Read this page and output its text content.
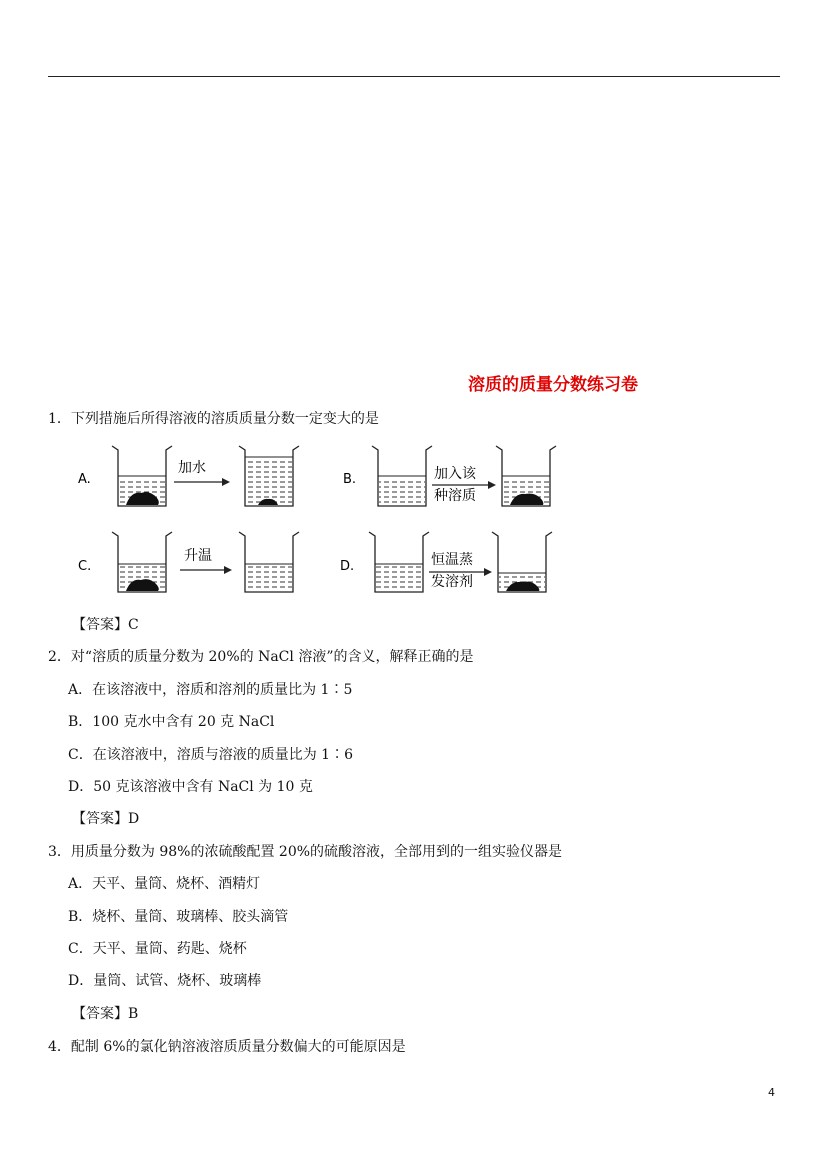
溶质的质量分数练习卷
1．下列措施后所得溶液的溶质质量分数一定变大的是
A.
加水
B.	加入该
种溶质
C.
升温
D.	恒温蒸
发溶剂
【答案】C
2．对“溶质的质量分数为 20%的 NaCl 溶液”的含义，解释正确的是
A．在该溶液中，溶质和溶剂的质量比为 1∶5
B．100 克水中含有 20 克 NaCl
C．在该溶液中，溶质与溶液的质量比为 1∶6
D．50 克该溶液中含有 NaCl 为 10 克
【答案】D
3．用质量分数为 98%的浓硫酸配置 20%的硫酸溶液，全部用到的一组实验仪器是
A．天平、量筒、烧杯、酒精灯
B．烧杯、量筒、玻璃棒、胶头滴管
C．天平、量筒、药匙、烧杯
D．量筒、试管、烧杯、玻璃棒
【答案】B
4．配制 6%的氯化钠溶液溶质质量分数偏大的可能原因是
4
